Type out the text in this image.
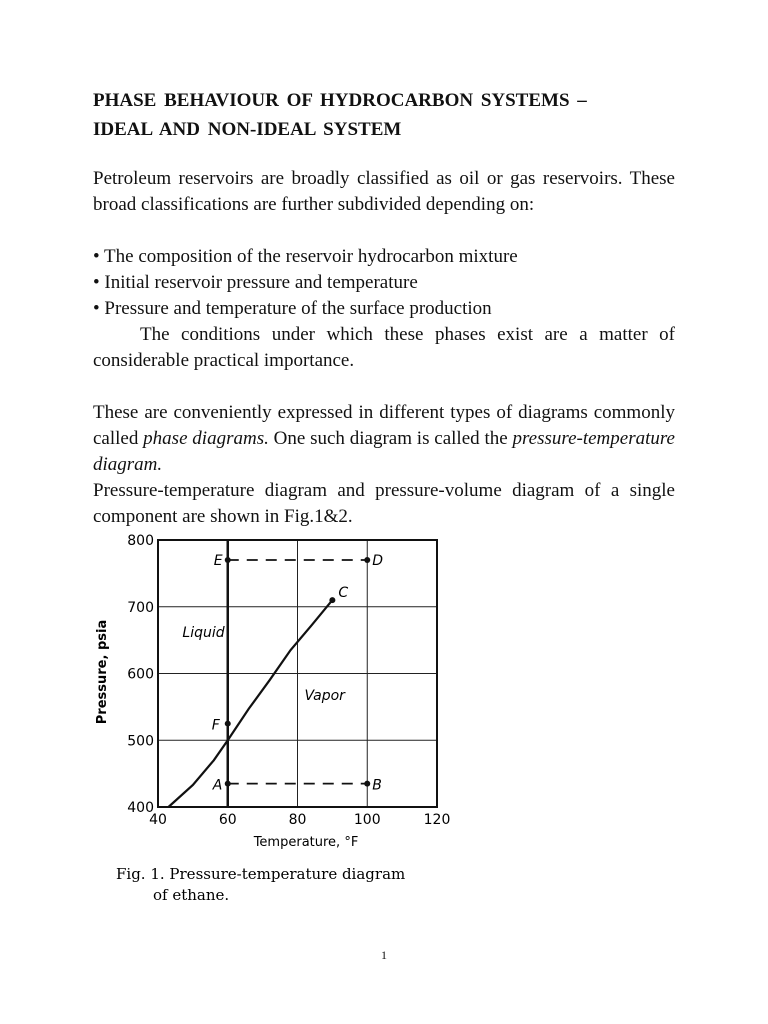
PHASE BEHAVIOUR OF HYDROCARBON SYSTEMS –
IDEAL AND NON-IDEAL SYSTEM

Petroleum reservoirs are broadly classified as oil or gas reservoirs. These broad classifications are further subdivided depending on:

• The composition of the reservoir hydrocarbon mixture
• Initial reservoir pressure and temperature
• Pressure and temperature of the surface production

The conditions under which these phases exist are a matter of considerable practical importance.

These are conveniently expressed in different types of diagrams commonly called phase diagrams. One such diagram is called the pressure-temperature diagram.

Pressure-temperature diagram and pressure-volume diagram of a single component are shown in Fig.1&2.

400
500
600
700
800
40	60	80	100	120
E	D
C
F
A	B
Liquid
Vapor
Pressure, psia
Temperature, °F
Fig. 1. Pressure-temperature diagram
of ethane.
1
